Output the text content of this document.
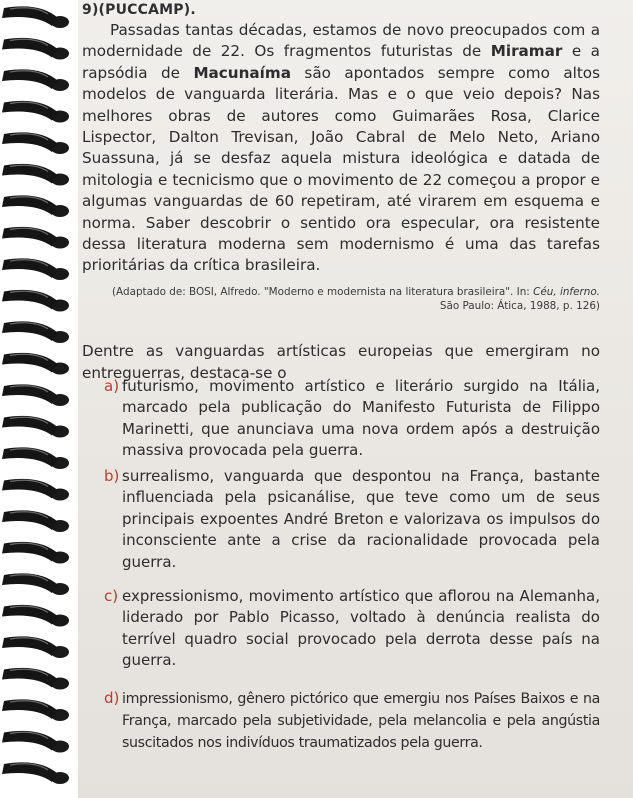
9)(PUCCAMP).
Passadas tantas décadas, estamos de novo preocupados com a modernidade de 22. Os fragmentos futuristas de Miramar e a rapsódia de Macunaíma são apontados sempre como altos modelos de vanguarda literária. Mas e o que veio depois? Nas melhores obras de autores como Guimarães Rosa, Clarice Lispector, Dalton Trevisan, João Cabral de Melo Neto, Ariano Suassuna, já se desfaz aquela mistura ideológica e datada de mitologia e tecnicismo que o movimento de 22 começou a propor e algumas vanguardas de 60 repetiram, até virarem em esquema e norma. Saber descobrir o sentido ora especular, ora resistente dessa literatura moderna sem modernismo é uma das tarefas prioritárias da crítica brasileira.
(Adaptado de: BOSI, Alfredo. "Moderno e modernista na literatura brasileira". In: Céu, inferno.
São Paulo: Ática, 1988, p. 126)
Dentre as vanguardas artísticas europeias que emergiram no entreguerras, destaca-se o
a) futurismo, movimento artístico e literário surgido na Itália, marcado pela publicação do Manifesto Futurista de Filippo Marinetti, que anunciava uma nova ordem após a destruição massiva provocada pela guerra.
b) surrealismo, vanguarda que despontou na França, bastante influenciada pela psicanálise, que teve como um de seus principais expoentes André Breton e valorizava os impulsos do inconsciente ante a crise da racionalidade provocada pela guerra.
c) expressionismo, movimento artístico que aflorou na Alemanha, liderado por Pablo Picasso, voltado à denúncia realista do terrível quadro social provocado pela derrota desse país na guerra.
d) impressionismo, gênero pictórico que emergiu nos Países Baixos e na França, marcado pela subjetividade, pela melancolia e pela angústia suscitados nos indivíduos traumatizados pela guerra.
